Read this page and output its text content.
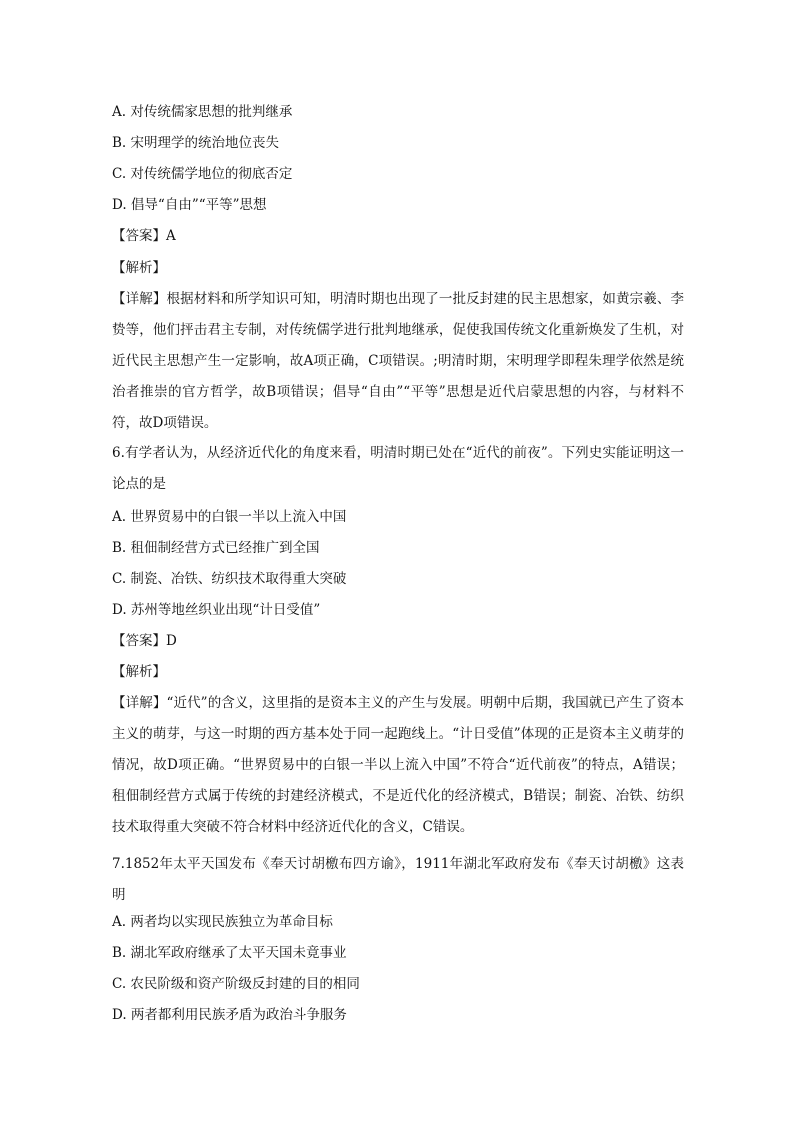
A. 对传统儒家思想的批判继承
B. 宋明理学的统治地位丧失
C. 对传统儒学地位的彻底否定
D. 倡导“自由”“平等”思想
【答案】A
【解析】
【详解】根据材料和所学知识可知，明清时期也出现了一批反封建的民主思想家，如黄宗羲、李贽等，他们抨击君主专制，对传统儒学进行批判地继承，促使我国传统文化重新焕发了生机，对近代民主思想产生一定影响，故A项正确，C项错误。;明清时期，宋明理学即程朱理学依然是统治者推崇的官方哲学，故B项错误；倡导“自由”“平等”思想是近代启蒙思想的内容，与材料不符，故D项错误。
6.有学者认为，从经济近代化的角度来看，明清时期已处在“近代的前夜”。下列史实能证明这一论点的是
A. 世界贸易中的白银一半以上流入中国
B. 租佃制经营方式已经推广到全国
C. 制瓷、冶铁、纺织技术取得重大突破
D. 苏州等地丝织业出现“计日受值”
【答案】D
【解析】
【详解】“近代”的含义，这里指的是资本主义的产生与发展。明朝中后期，我国就已产生了资本主义的萌芽，与这一时期的西方基本处于同一起跑线上。“计日受值”体现的正是资本主义萌芽的情况，故D项正确。“世界贸易中的白银一半以上流入中国”不符合“近代前夜”的特点，A错误；租佃制经营方式属于传统的封建经济模式，不是近代化的经济模式，B错误；制瓷、冶铁、纺织技术取得重大突破不符合材料中经济近代化的含义，C错误。
7.1852年太平天国发布《奉天讨胡檄布四方谕》，1911年湖北军政府发布《奉天讨胡檄》这表明
A. 两者均以实现民族独立为革命目标
B. 湖北军政府继承了太平天国未竟事业
C. 农民阶级和资产阶级反封建的目的相同
D. 两者都利用民族矛盾为政治斗争服务
